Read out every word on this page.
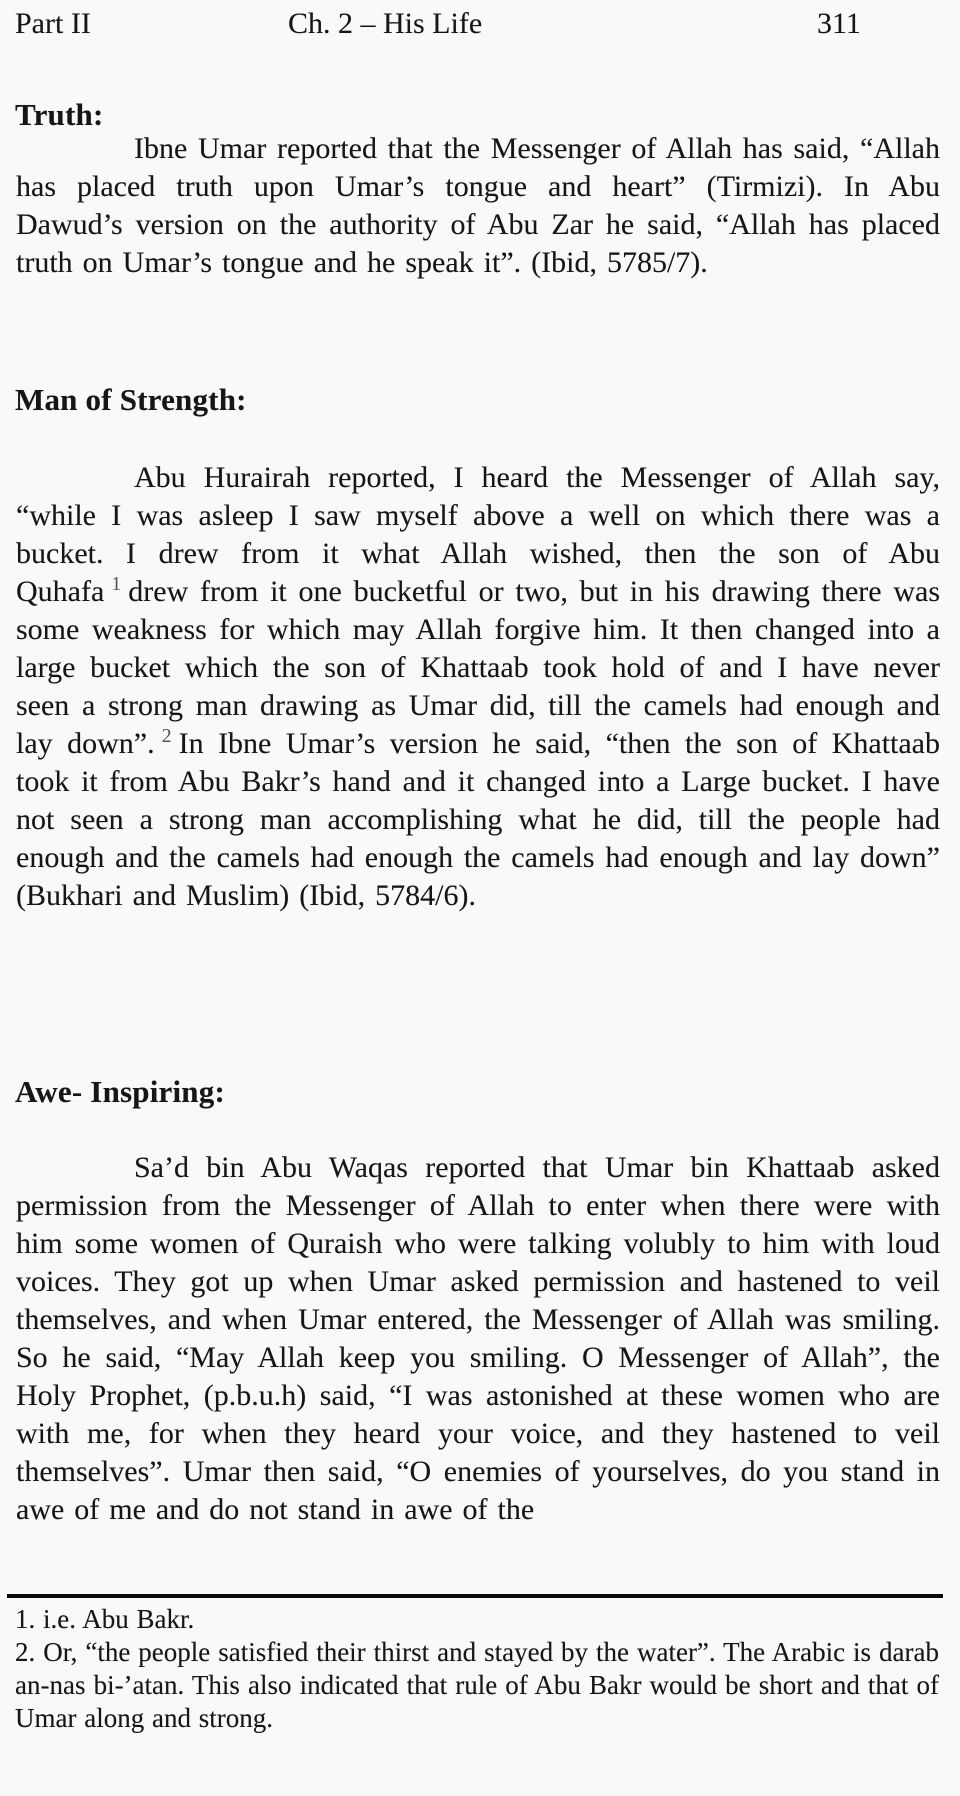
Part II	Ch. 2 – His Life	311
Truth:

Ibne Umar reported that the Messenger of Allah has said, “Allah has placed truth upon Umar’s tongue and heart” (Tirmizi). In Abu Dawud’s version on the authority of Abu Zar he said, “Allah has placed truth on Umar’s tongue and he speak it”. (Ibid, 5785/7).

Man of Strength:

Abu Hurairah reported, I heard the Messenger of Allah say, “while I was asleep I saw myself above a well on which there was a bucket. I drew from it what Allah wished, then the son of Abu Quhafa $^1$ drew from it one bucketful or two, but in his drawing there was some weakness for which may Allah forgive him. It then changed into a large bucket which the son of Khattaab took hold of and I have never seen a strong man drawing as Umar did, till the camels had enough and lay down”. $^2$ In Ibne Umar’s version he said, “then the son of Khattaab took it from Abu Bakr’s hand and it changed into a Large bucket. I have not seen a strong man accomplishing what he did, till the people had enough and the camels had enough the camels had enough and lay down” (Bukhari and Muslim) (Ibid, 5784/6).

Awe- Inspiring:

Sa’d bin Abu Waqas reported that Umar bin Khattaab asked permission from the Messenger of Allah to enter when there were with him some women of Quraish who were talking volubly to him with loud voices. They got up when Umar asked permission and hastened to veil themselves, and when Umar entered, the Messenger of Allah was smiling. So he said, “May Allah keep you smiling. O Messenger of Allah”, the Holy Prophet, (p.b.u.h) said, “I was astonished at these women who are with me, for when they heard your voice, and they hastened to veil themselves”. Umar then said, “O enemies of yourselves, do you stand in awe of me and do not stand in awe of the

1. i.e. Abu Bakr.

2. Or, “the people satisfied their thirst and stayed by the water”. The Arabic is darab an-nas bi-’atan. This also indicated that rule of Abu Bakr would be short and that of Umar along and strong.
